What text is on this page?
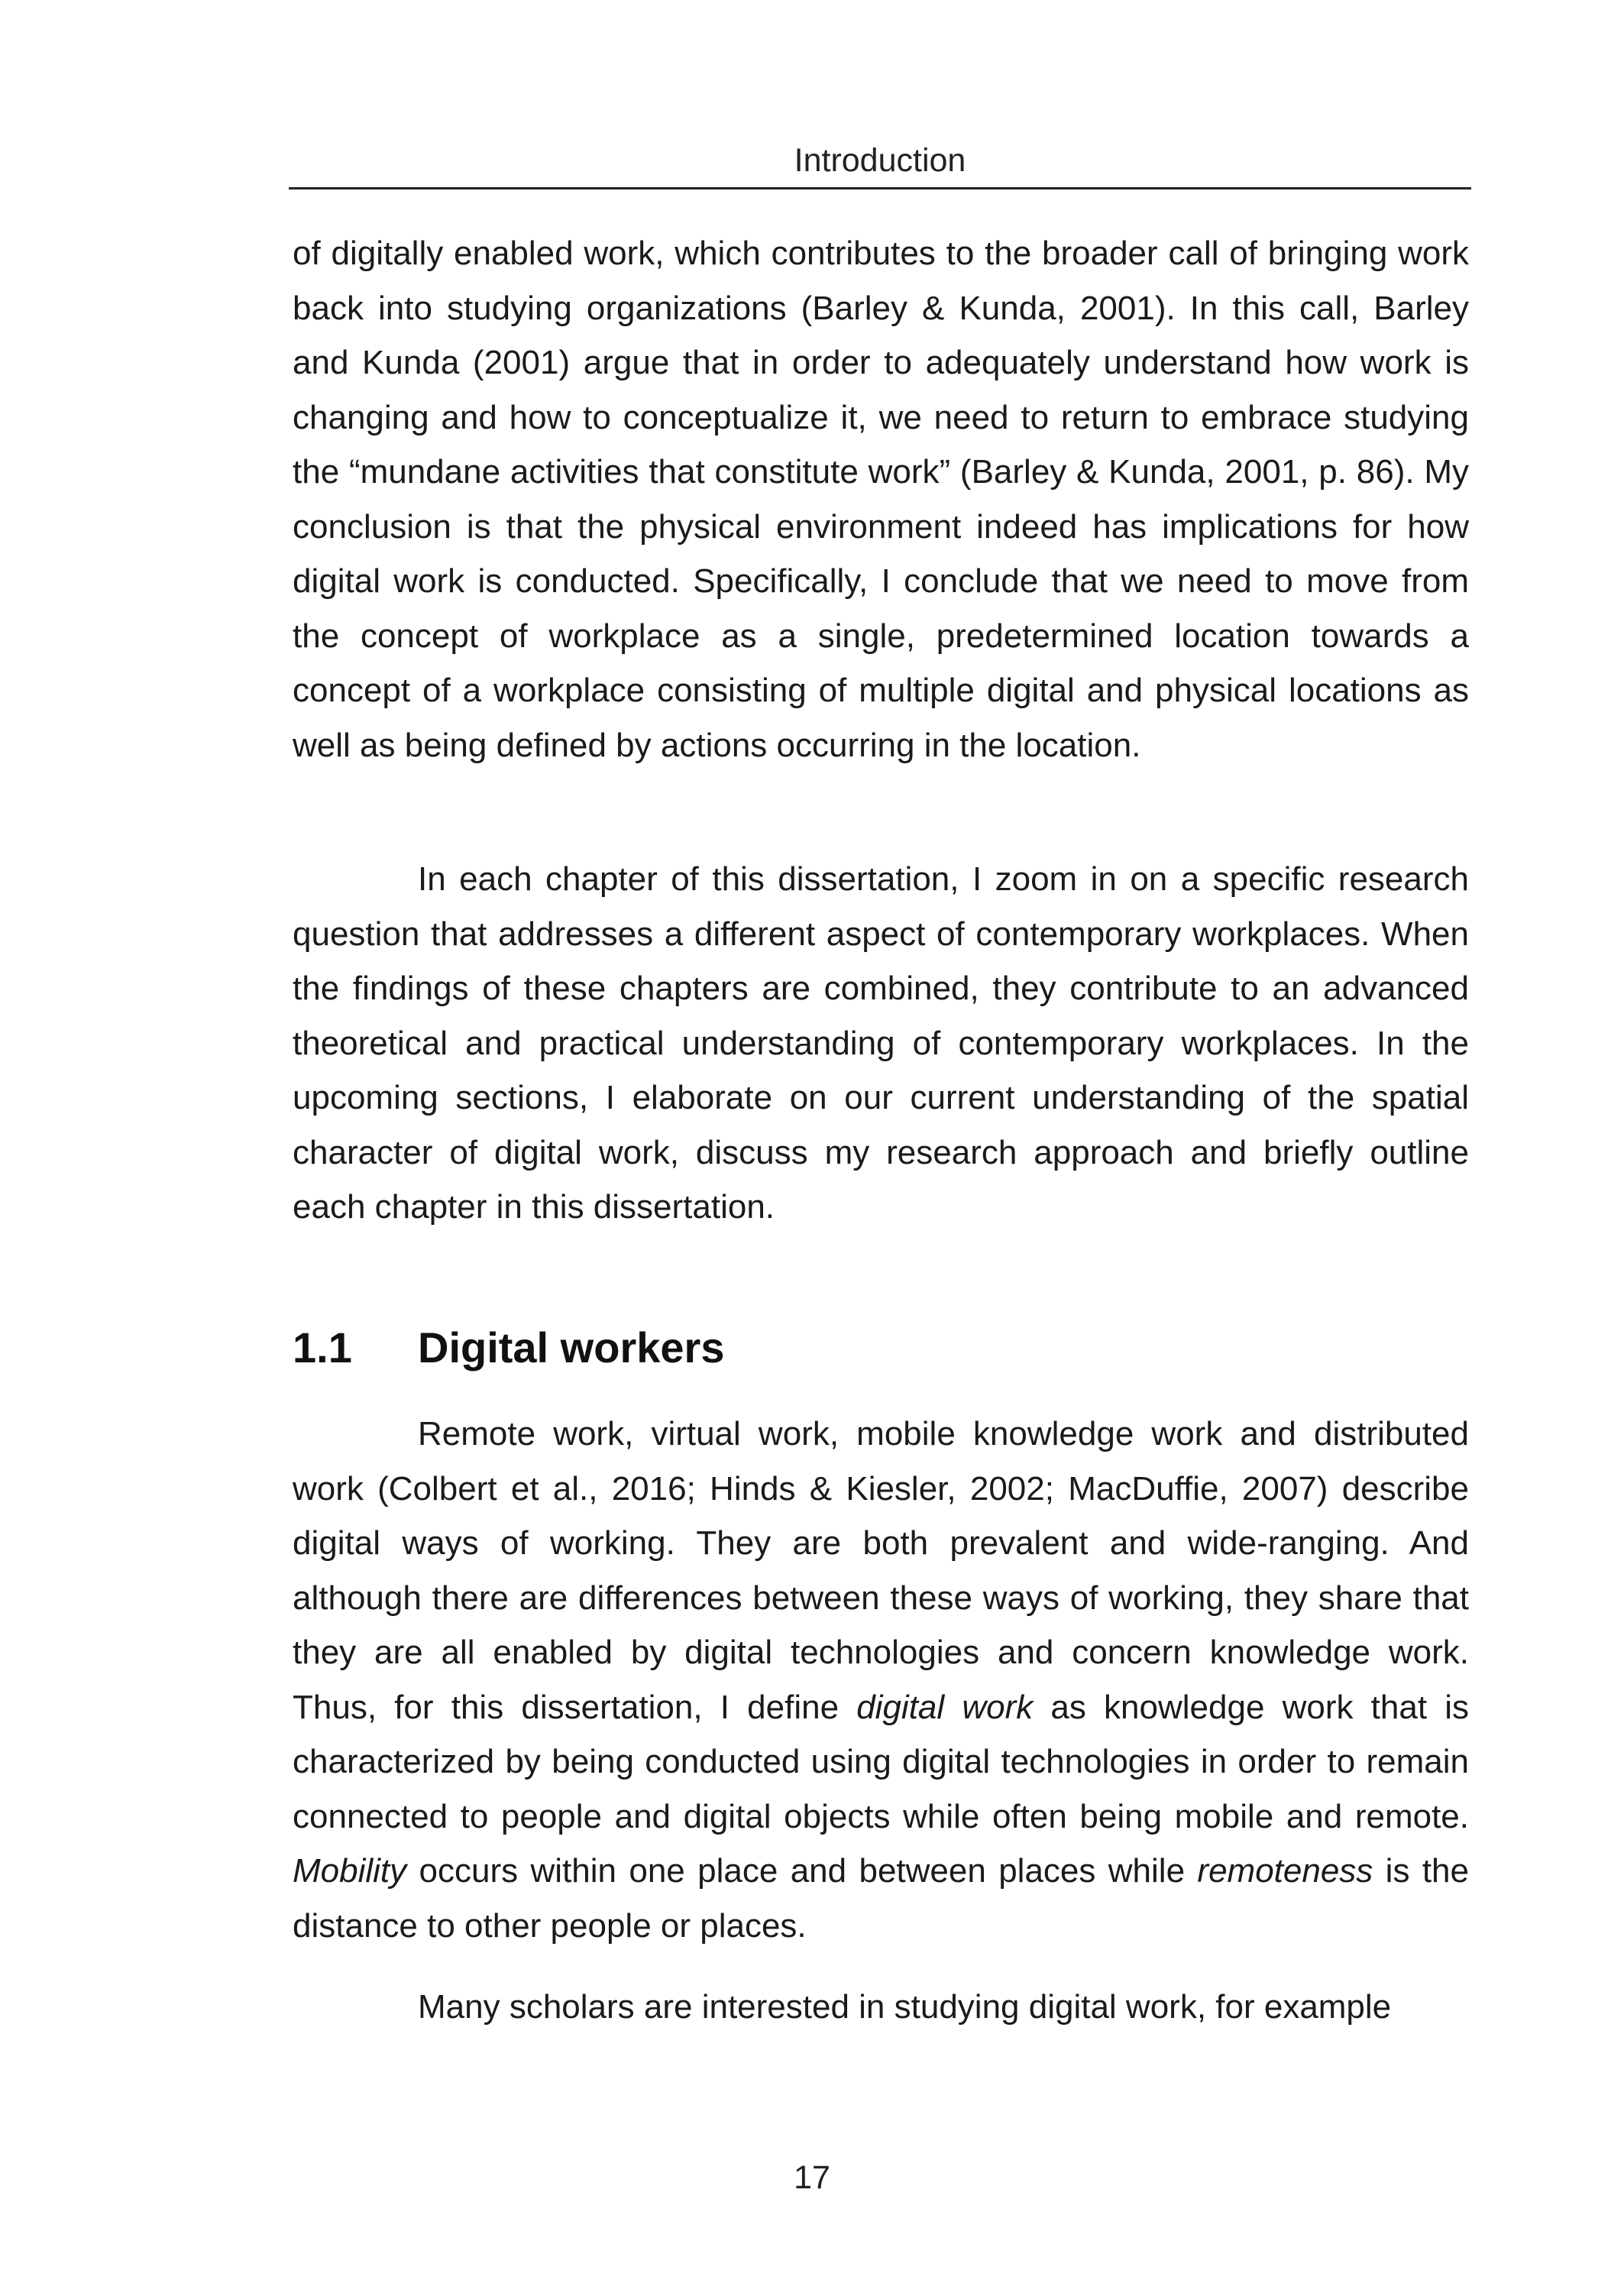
Introduction

of digitally enabled work, which contributes to the broader call of bringing work back into studying organizations (Barley & Kunda, 2001). In this call, Barley and Kunda (2001) argue that in order to adequately understand how work is changing and how to conceptualize it, we need to return to embrace studying the “mundane activities that constitute work” (Barley & Kunda, 2001, p. 86). My conclusion is that the physical environment indeed has implications for how digital work is conducted. Specifically, I conclude that we need to move from the concept of workplace as a single, predetermined location towards a concept of a workplace consisting of multiple digital and physical locations as well as being defined by actions occurring in the location.

In each chapter of this dissertation, I zoom in on a specific research question that addresses a different aspect of contemporary workplaces. When the findings of these chapters are combined, they contribute to an advanced theoretical and practical understanding of contemporary workplaces. In the upcoming sections, I elaborate on our current understanding of the spatial character of digital work, discuss my research approach and briefly outline each chapter in this dissertation.

1.1 Digital workers

Remote work, virtual work, mobile knowledge work and distributed work (Colbert et al., 2016; Hinds & Kiesler, 2002; MacDuffie, 2007) describe digital ways of working. They are both prevalent and wide-ranging. And although there are differences between these ways of working, they share that they are all enabled by digital technologies and concern knowledge work. Thus, for this dissertation, I define digital work as knowledge work that is characterized by being conducted using digital technologies in order to remain connected to people and digital objects while often being mobile and remote. Mobility occurs within one place and between places while remoteness is the distance to other people or places.

Many scholars are interested in studying digital work, for example

17
